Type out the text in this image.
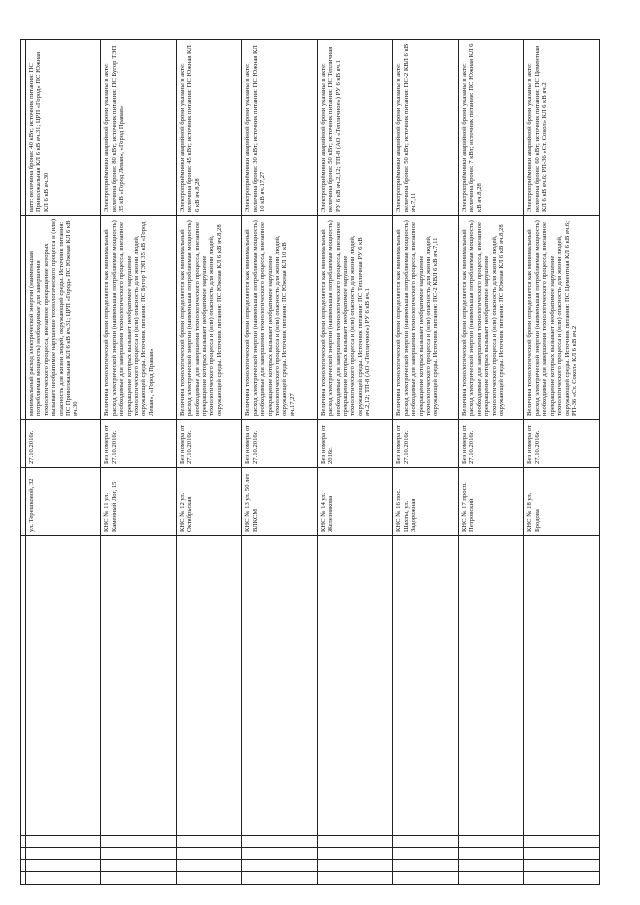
					ул. Терешковой, 32	27.10.2016г.	минимальный расход электрической энергии (наименьшая потребляемая мощность) необходимые для завершения технологического процесса, внезапное прекращение которых вызывает необратимое нарушение технологического процесса и (или) опасность для жизни людей, окружающей среды. Источник питания: ПС Приволжальная КЛ 6 кВ яч.31; ЦРП «Город» ПС Южная КЛ 6 кВ яч.30	ватт: величина брони: 40 кВт; источник питания: ПС Приволжальная КЛ 6 кВ яч.31; ЦРП «Город» ПС Южная КЛ 6 кВ яч.30
					КНС № 11 ул. Каменный Лог, 15	Без номера от 27.10.2016г.	Величина технологической брони определяется как минимальный расход электрической энергии (наименьшая потребляемая мощность) необходимые для завершения технологического процесса, внезапное прекращение которых вызывает необратимое нарушение технологического процесса и (или) опасность для жизни людей, окружающей среды. Источник питания: ПС Бугор ТЭП 35 кВ «Город Левая», «Город Правая»	Электроприёмники аварийной брони указаны в акте: величина брони: 80 кВт; источник питания: ПС Бугор ТЭП 35 кВ «Город Левая», «Город Правая»
					КНС № 12 ул. Октябрьская	Без номера от 27.10.2016г.	Величина технологической брони определяется как минимальный расход электрической энергии (наименьшая потребляемая мощность) необходимые для завершения технологического процесса, внезапное прекращение которых вызывает необратимое нарушение технологического процесса и (или) опасность для жизни людей, окружающей среды. Источник питания: ПС Южная КЛ 6 кВ яч.8,28	Электроприёмники аварийной брони указаны в акте: величина брони: 45 кВт; источник питания: ПС Южная КЛ 6 кВ яч.8,28
					КНС № 13 ул. 50 лет ВЛКСМ	Без номера от 27.10.2016г.	Величина технологической брони определяется как минимальный расход электрической энергии (наименьшая потребляемая мощность) необходимые для завершения технологического процесса, внезапное прекращение которых вызывает необратимое нарушение технологического процесса и (или) опасность для жизни людей, окружающей среды. Источник питания: ПС Южная КЛ 10 кВ яч.17,27	Электроприёмники аварийной брони указаны в акте: величина брони: 30 кВт; источник питания: ПС Южная КЛ 10 кВ яч.17,27
					КНС № 14 ул. Железнякова	Без номера от 2016г.	Величина технологической брони определяется как минимальный расход электрической энергии (наименьшая потребляемая мощность) необходимые для завершения технологического процесса, внезапное прекращение которых вызывает необратимое нарушение технологического процесса и (или) опасность для жизни людей, окружающей среды. Источник питания: ПС Тепличная РУ 6 кВ яч.2,12; ТП-8 (АО «Тепличное») РУ 6 кВ яч.1	Электроприёмники аварийной брони указаны в акте: величина брони: 50 кВт; источник питания: ПС Тепличная РУ 6 кВ яч.2,12; ТП-8 (АО «Тепличное») РУ 6 кВ яч.1
					КНС № 16 пос. Шахты, ул. Задорожная	Без номера от 27.10.2016г.	Величина технологической брони определяется как минимальный расход электрической энергии (наименьшая потребляемая мощность) необходимые для завершения технологического процесса, внезапное прекращение которых вызывает необратимое нарушение технологического процесса и (или) опасность для жизни людей, окружающей среды. Источник питания: ПС-2 КВЛ 6 кВ яч.7,11	Электроприёмники аварийной брони указаны в акте: величина брони: 50 кВт; источник питания: ПС-2 КВЛ 6 кВ яч.7,11
					КНС № 17 просп. Петровский	Без номера от 27.10.2016г.	Величина технологической брони определяется как минимальный расход электрической энергии (наименьшая потребляемая мощность) необходимые для завершения технологического процесса, внезапное прекращение которых вызывает необратимое нарушение технологического процесса и (или) опасность для жизни людей, окружающей среды. Источник питания: ПС Южная КЛ 6 кВ яч.8,28	Электроприёмники аварийной брони указаны в акте: величина брони: 7 кВт; источник питания: ПС Южная КЛ 6 кВ яч.8,28
					КНС № 18 ул. Бродова	Без номера от 27.10.2016г.	Величина технологической брони определяется как минимальный расход электрической энергии (наименьшая потребляемая мощность) необходимые для завершения технологического процесса, внезапное прекращение которых вызывает необратимое нарушение технологического процесса и (или) опасность для жизни людей, окружающей среды. Источник питания: ПС Цементная КЛ 6 кВ яч.6; РП-36 «Ст. Сокол» КЛ 6 кВ яч.2	Электроприёмники аварийной брони указаны в акте: величина брони: 60 кВт; источник питания: ПС Цементная КЛ 6 кВ яч.6; РП-36 «Ст. Сокол» КЛ 6 кВ яч.2
